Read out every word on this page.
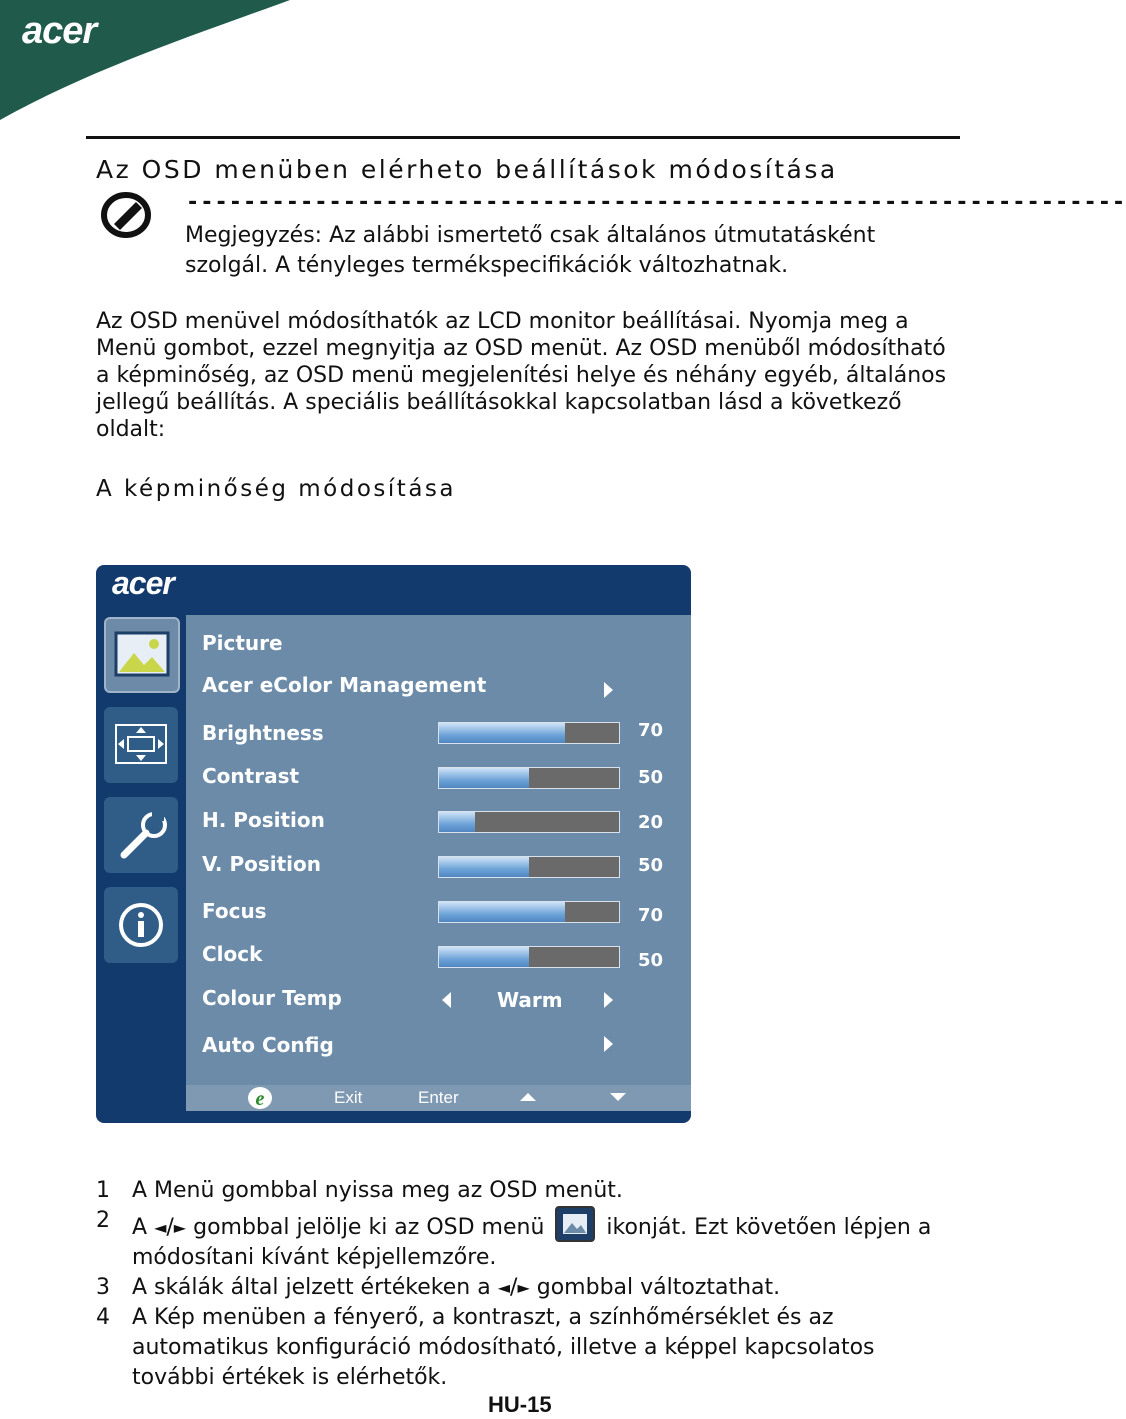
acer
Az OSD menüben elérheto beállítások módosítása
------------------------------------------------------------------
Megjegyzés: Az alábbi ismertető csak általános útmutatásként szolgál. A tényleges termékspecifikációk változhatnak.
Az OSD menüvel módosíthatók az LCD monitor beállításai. Nyomja meg a Menü gombot, ezzel megnyitja az OSD menüt. Az OSD menüből módosítható a képminőség, az OSD menü megjelenítési helye és néhány egyéb, általános jellegű beállítás. A speciális beállításokkal kapcsolatban lásd a következő oldalt:
A képminőség módosítása
acer
Picture
Acer eColor Management
Brightness	70
Contrast	50
H. Position	20
V. Position	50
Focus	70
Clock	50
Colour Temp	Warm
Auto Config
e	Exit	Enter
1 A Menü gombbal nyissa meg az OSD menüt.
2 A ◄/► gombbal jelölje ki az OSD menü	ikonját. Ezt követően lépjen a módosítani kívánt képjellemzőre.
3 A skálák által jelzett értékeken a ◄/► gombbal változtathat.
4 A Kép menüben a fényerő, a kontraszt, a színhőmérséklet és az automatikus konfiguráció módosítható, illetve a képpel kapcsolatos további értékek is elérhetők.
HU-15
